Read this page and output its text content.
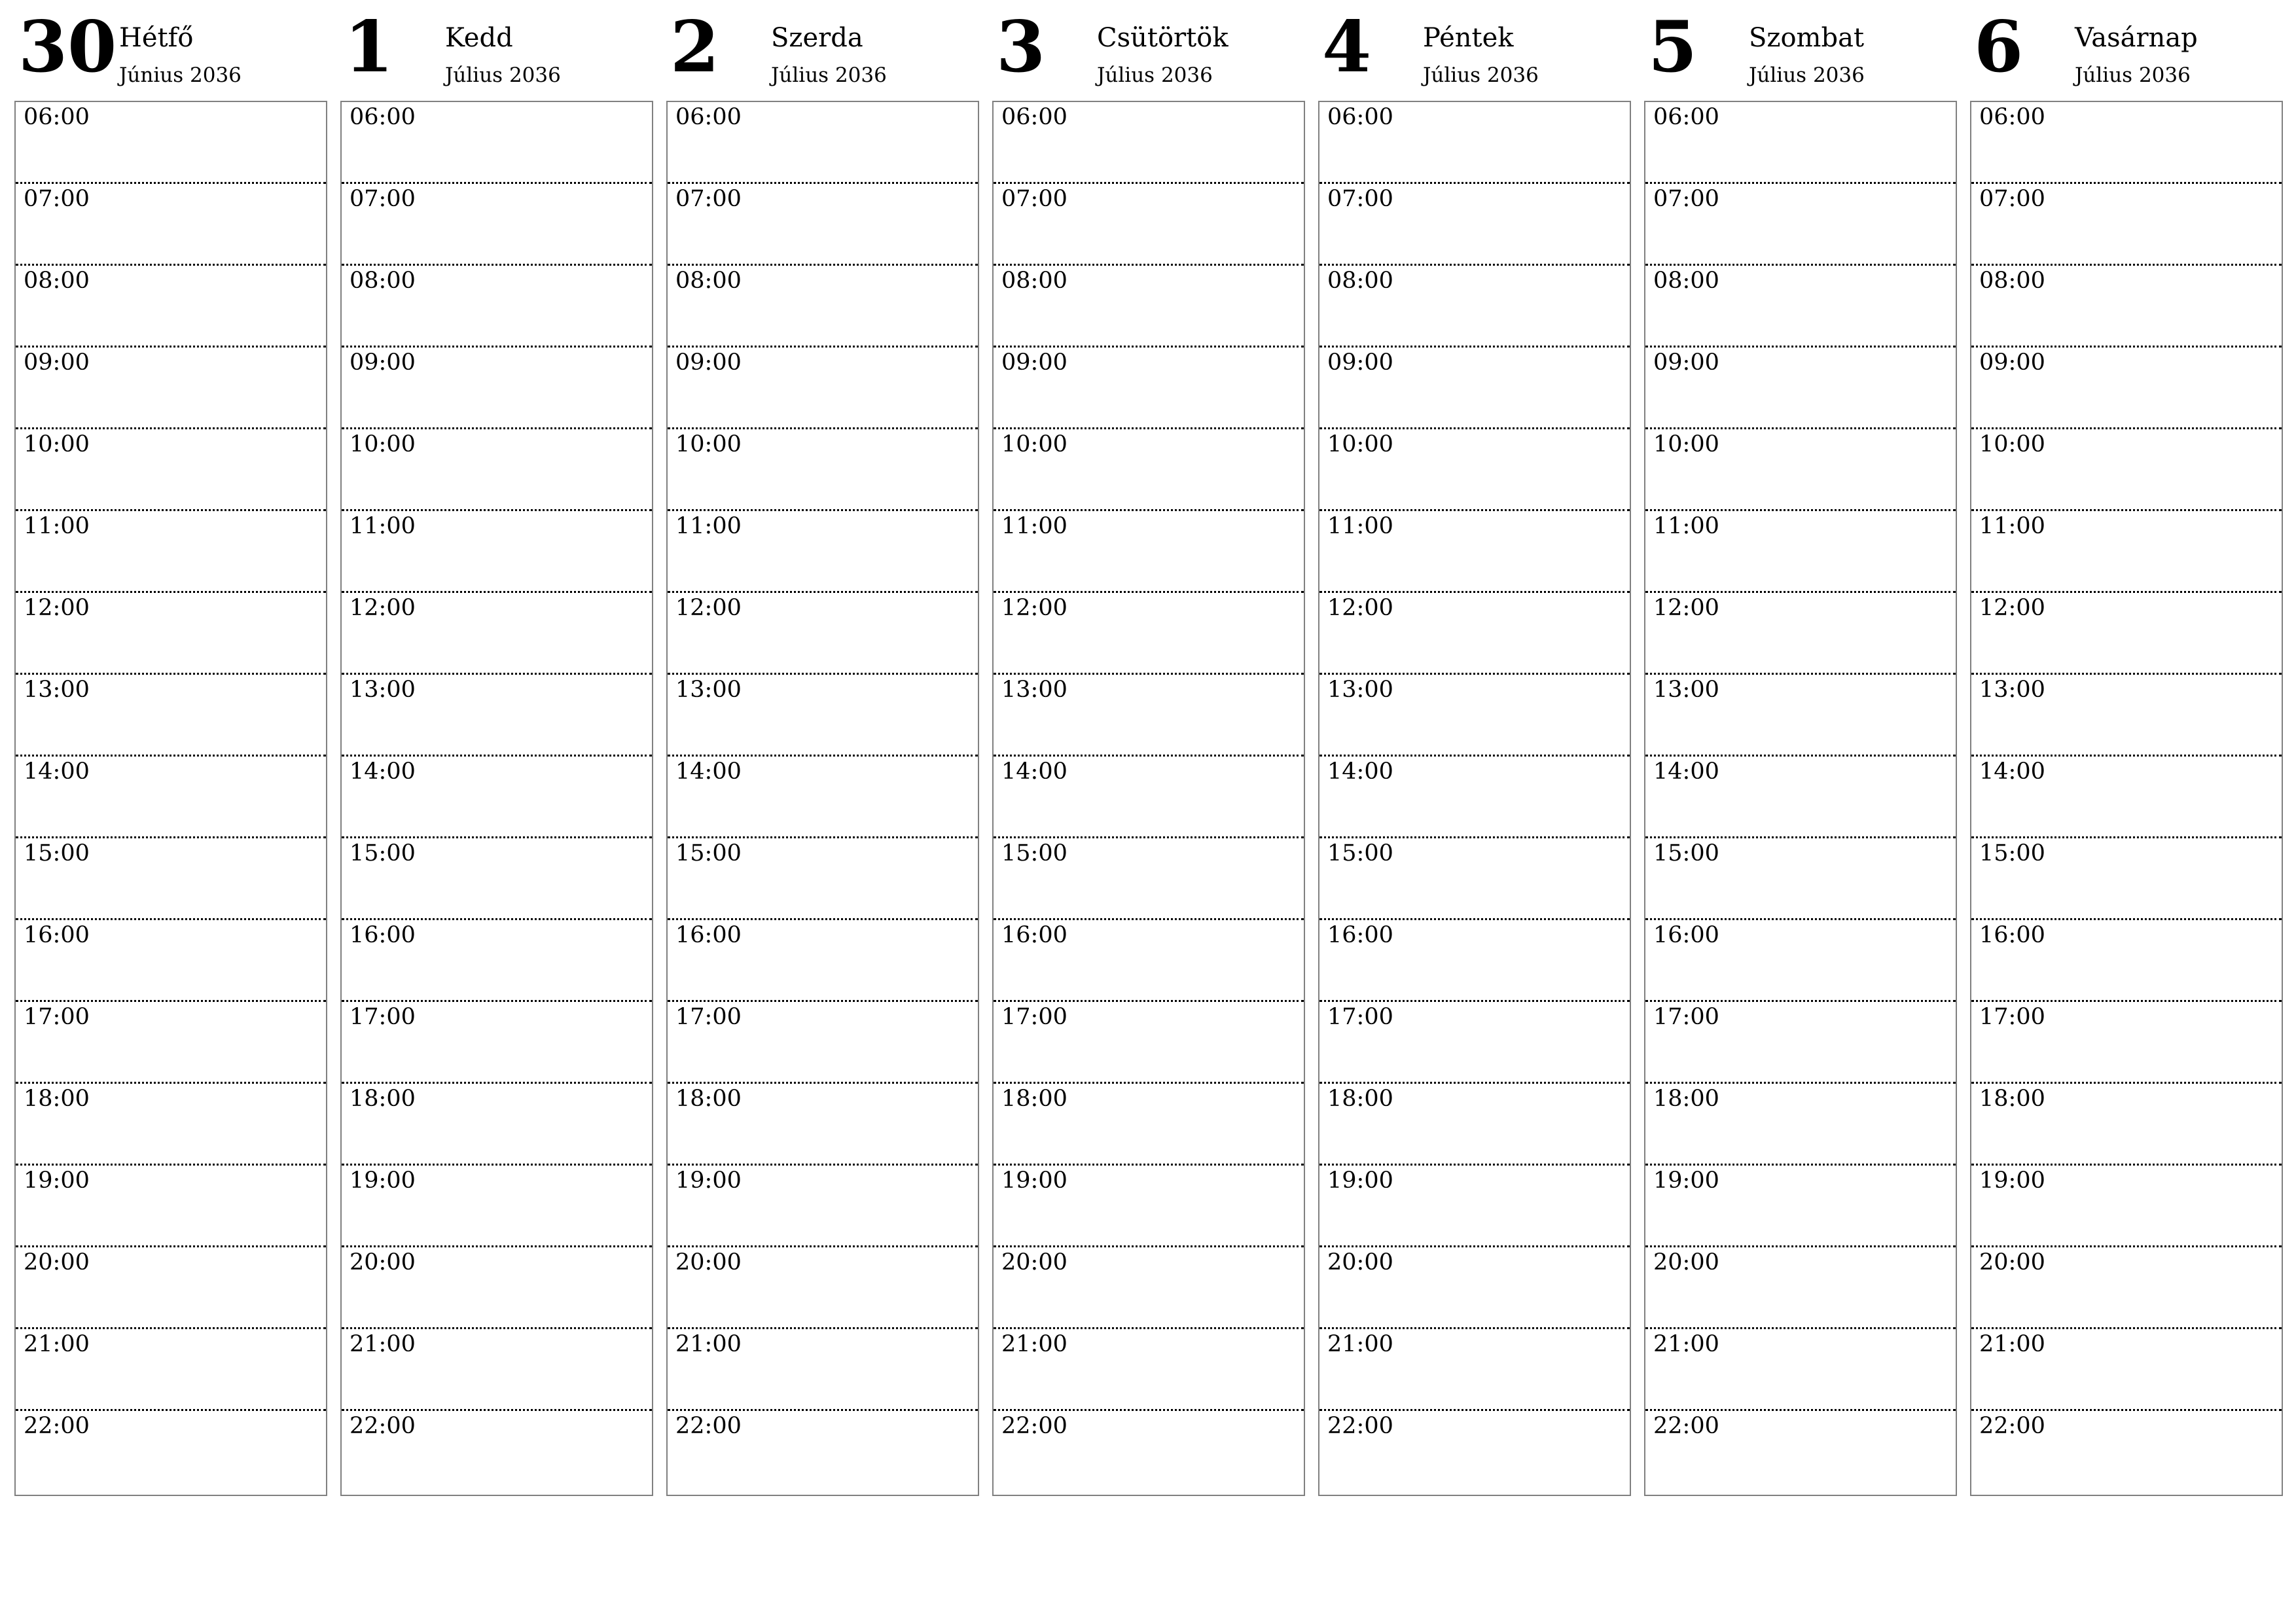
30 Hétfő
Június 2036
06:00
07:00
08:00
09:00
10:00
11:00
12:00
13:00
14:00
15:00
16:00
17:00
18:00
19:00
20:00
21:00
22:00
1 Kedd
Július 2036
06:00
07:00
08:00
09:00
10:00
11:00
12:00
13:00
14:00
15:00
16:00
17:00
18:00
19:00
20:00
21:00
22:00
2 Szerda
Július 2036
06:00
07:00
08:00
09:00
10:00
11:00
12:00
13:00
14:00
15:00
16:00
17:00
18:00
19:00
20:00
21:00
22:00
3 Csütörtök
Július 2036
06:00
07:00
08:00
09:00
10:00
11:00
12:00
13:00
14:00
15:00
16:00
17:00
18:00
19:00
20:00
21:00
22:00
4 Péntek
Július 2036
06:00
07:00
08:00
09:00
10:00
11:00
12:00
13:00
14:00
15:00
16:00
17:00
18:00
19:00
20:00
21:00
22:00
5 Szombat
Július 2036
06:00
07:00
08:00
09:00
10:00
11:00
12:00
13:00
14:00
15:00
16:00
17:00
18:00
19:00
20:00
21:00
22:00
6 Vasárnap
Július 2036
06:00
07:00
08:00
09:00
10:00
11:00
12:00
13:00
14:00
15:00
16:00
17:00
18:00
19:00
20:00
21:00
22:00
